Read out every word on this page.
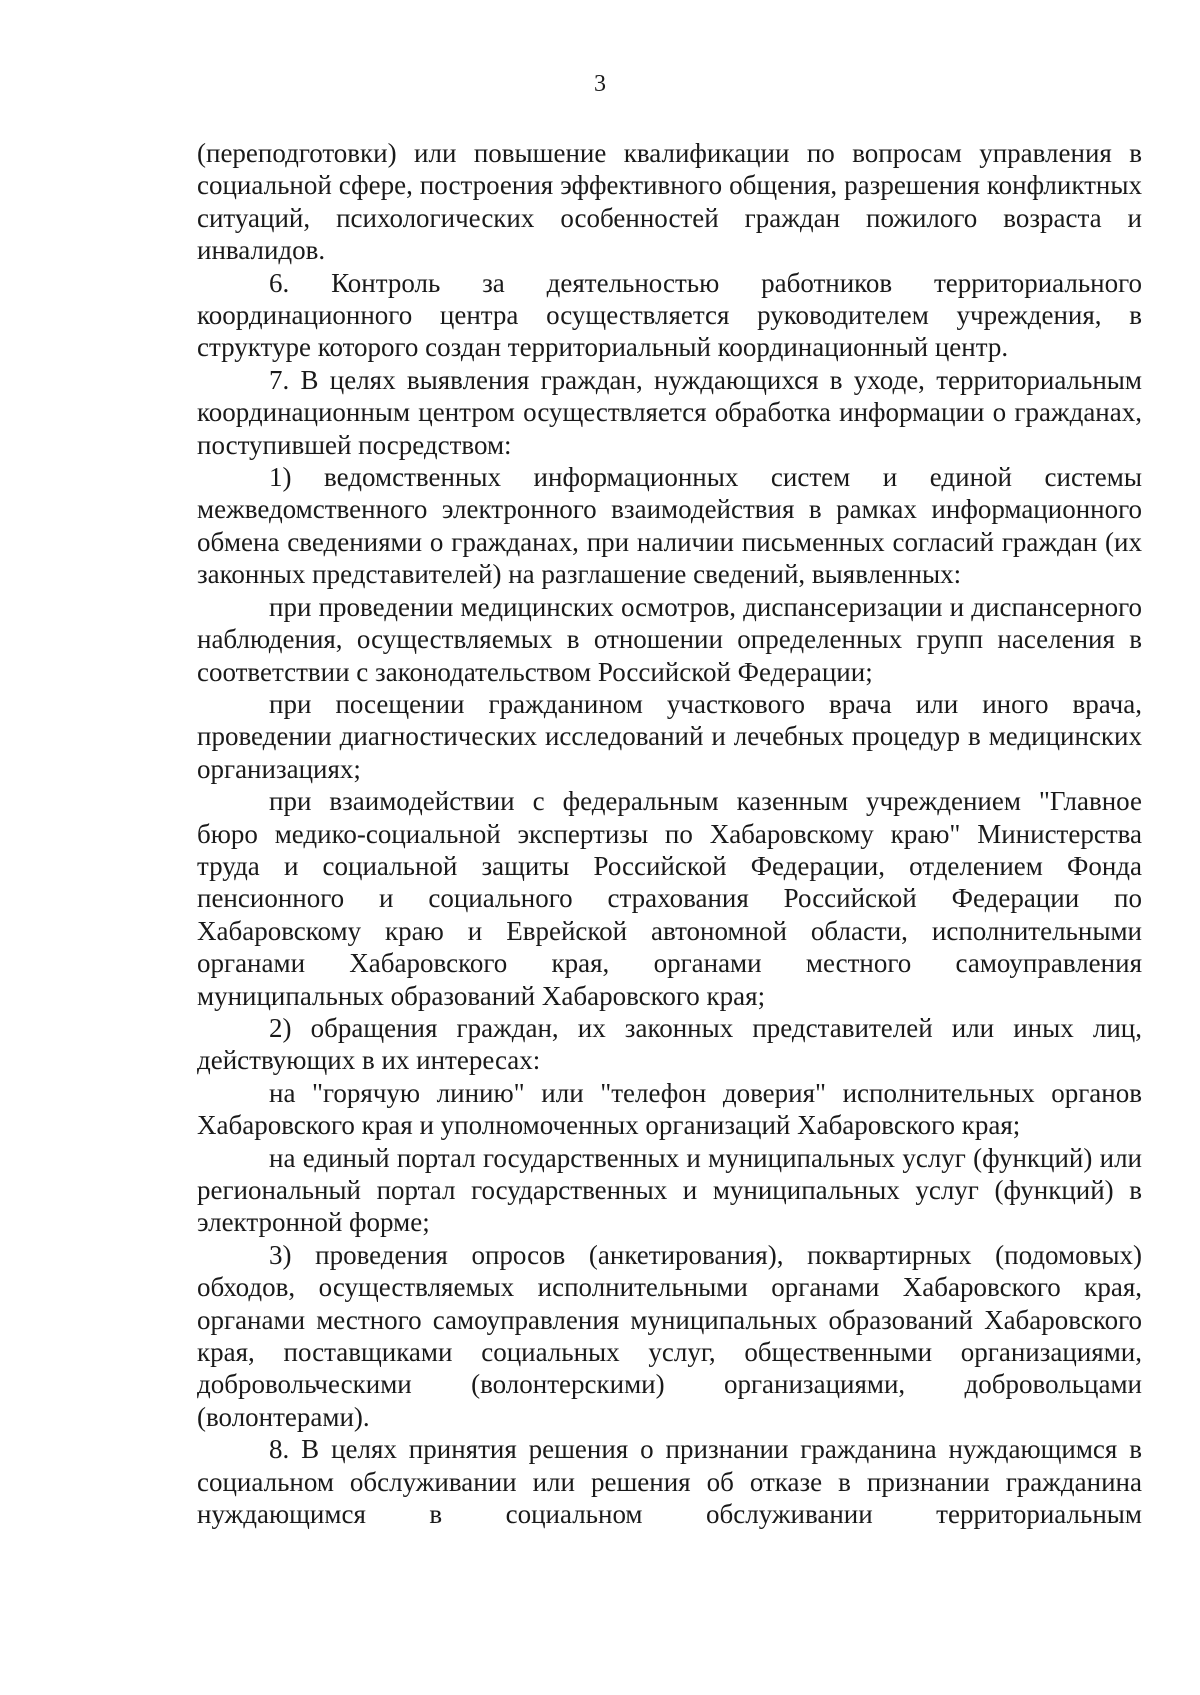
3

(переподготовки) или повышение квалификации по вопросам управления в социальной сфере, построения эффективного общения, разрешения конфликтных ситуаций, психологических особенностей граждан пожилого возраста и инвалидов.

6. Контроль за деятельностью работников территориального координационного центра осуществляется руководителем учреждения, в структуре которого создан территориальный координационный центр.

7. В целях выявления граждан, нуждающихся в уходе, территориальным координационным центром осуществляется обработка информации о гражданах, поступившей посредством:

1) ведомственных информационных систем и единой системы межведомственного электронного взаимодействия в рамках информационного обмена сведениями о гражданах, при наличии письменных согласий граждан (их законных представителей) на разглашение сведений, выявленных:

при проведении медицинских осмотров, диспансеризации и диспансерного наблюдения, осуществляемых в отношении определенных групп населения в соответствии с законодательством Российской Федерации;

при посещении гражданином участкового врача или иного врача, проведении диагностических исследований и лечебных процедур в медицинских организациях;

при взаимодействии с федеральным казенным учреждением "Главное бюро медико-социальной экспертизы по Хабаровскому краю" Министерства труда и социальной защиты Российской Федерации, отделением Фонда пенсионного и социального страхования Российской Федерации по Хабаровскому краю и Еврейской автономной области, исполнительными органами Хабаровского края, органами местного самоуправления муниципальных образований Хабаровского края;

2) обращения граждан, их законных представителей или иных лиц, действующих в их интересах:

на "горячую линию" или "телефон доверия" исполнительных органов Хабаровского края и уполномоченных организаций Хабаровского края;

на единый портал государственных и муниципальных услуг (функций) или региональный портал государственных и муниципальных услуг (функций) в электронной форме;

3) проведения опросов (анкетирования), поквартирных (подомовых) обходов, осуществляемых исполнительными органами Хабаровского края, органами местного самоуправления муниципальных образований Хабаровского края, поставщиками социальных услуг, общественными организациями, добровольческими (волонтерскими) организациями, добровольцами (волонтерами).

8. В целях принятия решения о признании гражданина нуждающимся в социальном обслуживании или решения об отказе в признании гражданина нуждающимся в социальном обслуживании территориальным
